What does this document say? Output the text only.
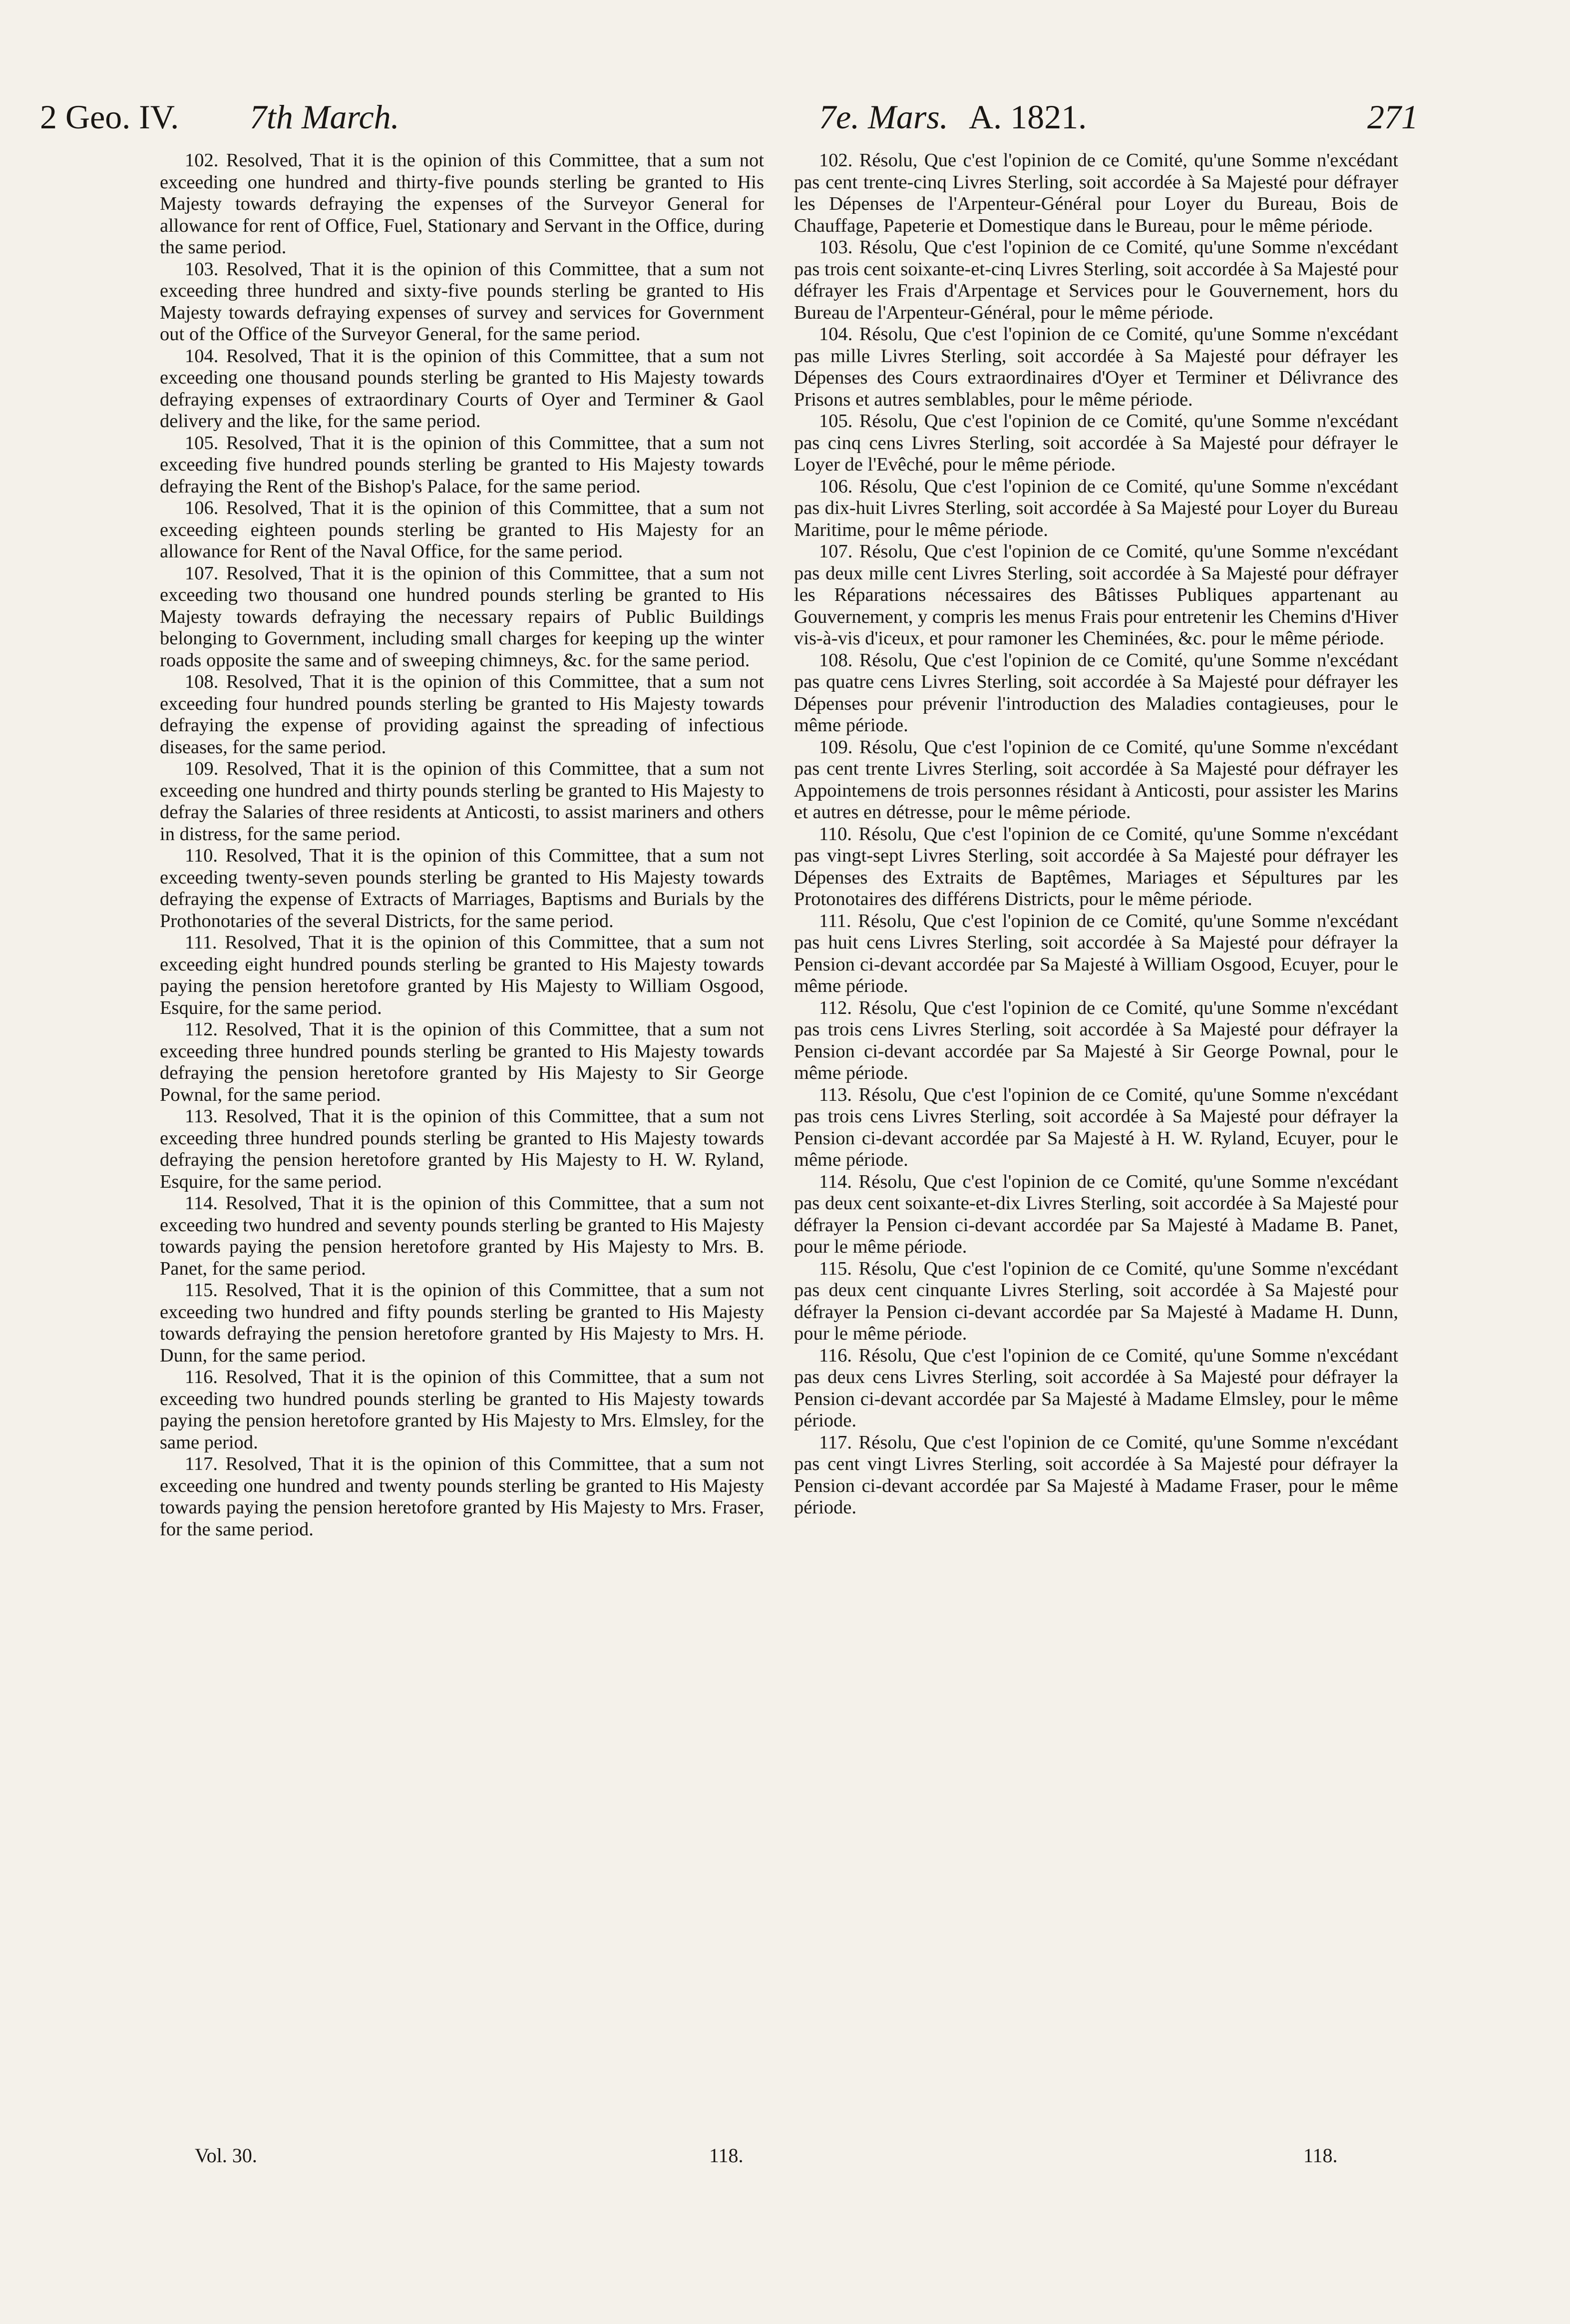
2 Geo. IV. 7th March.	7e. Mars. A. 1821.	271

102. Resolved, That it is the opinion of this Committee, that a sum not exceeding one hundred and thirty-five pounds sterling be granted to His Majesty towards defraying the expenses of the Surveyor General for allowance for rent of Office, Fuel, Stationary and Servant in the Office, during the same period.

103. Resolved, That it is the opinion of this Committee, that a sum not exceeding three hundred and sixty-five pounds sterling be granted to His Majesty towards defraying expenses of survey and services for Government out of the Office of the Surveyor General, for the same period.

104. Resolved, That it is the opinion of this Committee, that a sum not exceeding one thousand pounds sterling be granted to His Majesty towards defraying expenses of extraordinary Courts of Oyer and Terminer & Gaol delivery and the like, for the same period.

105. Resolved, That it is the opinion of this Committee, that a sum not exceeding five hundred pounds sterling be granted to His Majesty towards defraying the Rent of the Bishop's Palace, for the same period.

106. Resolved, That it is the opinion of this Committee, that a sum not exceeding eighteen pounds sterling be granted to His Majesty for an allowance for Rent of the Naval Office, for the same period.

107. Resolved, That it is the opinion of this Committee, that a sum not exceeding two thousand one hundred pounds sterling be granted to His Majesty towards defraying the necessary repairs of Public Buildings belonging to Government, including small charges for keeping up the winter roads opposite the same and of sweeping chimneys, &c. for the same period.

108. Resolved, That it is the opinion of this Committee, that a sum not exceeding four hundred pounds sterling be granted to His Majesty towards defraying the expense of providing against the spreading of infectious diseases, for the same period.

109. Resolved, That it is the opinion of this Committee, that a sum not exceeding one hundred and thirty pounds sterling be granted to His Majesty to defray the Salaries of three residents at Anticosti, to assist mariners and others in distress, for the same period.

110. Resolved, That it is the opinion of this Committee, that a sum not exceeding twenty-seven pounds sterling be granted to His Majesty towards defraying the expense of Extracts of Marriages, Baptisms and Burials by the Prothonotaries of the several Districts, for the same period.

111. Resolved, That it is the opinion of this Committee, that a sum not exceeding eight hundred pounds sterling be granted to His Majesty towards paying the pension heretofore granted by His Majesty to William Osgood, Esquire, for the same period.

112. Resolved, That it is the opinion of this Committee, that a sum not exceeding three hundred pounds sterling be granted to His Majesty towards defraying the pension heretofore granted by His Majesty to Sir George Pownal, for the same period.

113. Resolved, That it is the opinion of this Committee, that a sum not exceeding three hundred pounds sterling be granted to His Majesty towards defraying the pension heretofore granted by His Majesty to H. W. Ryland, Esquire, for the same period.

114. Resolved, That it is the opinion of this Committee, that a sum not exceeding two hundred and seventy pounds sterling be granted to His Majesty towards paying the pension heretofore granted by His Majesty to Mrs. B. Panet, for the same period.

115. Resolved, That it is the opinion of this Committee, that a sum not exceeding two hundred and fifty pounds sterling be granted to His Majesty towards defraying the pension heretofore granted by His Majesty to Mrs. H. Dunn, for the same period.

116. Resolved, That it is the opinion of this Committee, that a sum not exceeding two hundred pounds sterling be granted to His Majesty towards paying the pension heretofore granted by His Majesty to Mrs. Elmsley, for the same period.

117. Resolved, That it is the opinion of this Committee, that a sum not exceeding one hundred and twenty pounds sterling be granted to His Majesty towards paying the pension heretofore granted by His Majesty to Mrs. Fraser, for the same period.

102. Résolu, Que c'est l'opinion de ce Comité, qu'une Somme n'excédant pas cent trente-cinq Livres Sterling, soit accordée à Sa Majesté pour défrayer les Dépenses de l'Arpenteur-Général pour Loyer du Bureau, Bois de Chauffage, Papeterie et Domestique dans le Bureau, pour le même période.

103. Résolu, Que c'est l'opinion de ce Comité, qu'une Somme n'excédant pas trois cent soixante-et-cinq Livres Sterling, soit accordée à Sa Majesté pour défrayer les Frais d'Arpentage et Services pour le Gouvernement, hors du Bureau de l'Arpenteur-Général, pour le même période.

104. Résolu, Que c'est l'opinion de ce Comité, qu'une Somme n'excédant pas mille Livres Sterling, soit accordée à Sa Majesté pour défrayer les Dépenses des Cours extraordinaires d'Oyer et Terminer et Délivrance des Prisons et autres semblables, pour le même période.

105. Résolu, Que c'est l'opinion de ce Comité, qu'une Somme n'excédant pas cinq cens Livres Sterling, soit accordée à Sa Majesté pour défrayer le Loyer de l'Evêché, pour le même période.

106. Résolu, Que c'est l'opinion de ce Comité, qu'une Somme n'excédant pas dix-huit Livres Sterling, soit accordée à Sa Majesté pour Loyer du Bureau Maritime, pour le même période.

107. Résolu, Que c'est l'opinion de ce Comité, qu'une Somme n'excédant pas deux mille cent Livres Sterling, soit accordée à Sa Majesté pour défrayer les Réparations nécessaires des Bâtisses Publiques appartenant au Gouvernement, y compris les menus Frais pour entretenir les Chemins d'Hiver vis-à-vis d'iceux, et pour ramoner les Cheminées, &c. pour le même période.

108. Résolu, Que c'est l'opinion de ce Comité, qu'une Somme n'excédant pas quatre cens Livres Sterling, soit accordée à Sa Majesté pour défrayer les Dépenses pour prévenir l'introduction des Maladies contagieuses, pour le même période.

109. Résolu, Que c'est l'opinion de ce Comité, qu'une Somme n'excédant pas cent trente Livres Sterling, soit accordée à Sa Majesté pour défrayer les Appointemens de trois personnes résidant à Anticosti, pour assister les Marins et autres en détresse, pour le même période.

110. Résolu, Que c'est l'opinion de ce Comité, qu'une Somme n'excédant pas vingt-sept Livres Sterling, soit accordée à Sa Majesté pour défrayer les Dépenses des Extraits de Baptêmes, Mariages et Sépultures par les Protonotaires des différens Districts, pour le même période.

111. Résolu, Que c'est l'opinion de ce Comité, qu'une Somme n'excédant pas huit cens Livres Sterling, soit accordée à Sa Majesté pour défrayer la Pension ci-devant accordée par Sa Majesté à William Osgood, Ecuyer, pour le même période.

112. Résolu, Que c'est l'opinion de ce Comité, qu'une Somme n'excédant pas trois cens Livres Sterling, soit accordée à Sa Majesté pour défrayer la Pension ci-devant accordée par Sa Majesté à Sir George Pownal, pour le même période.

113. Résolu, Que c'est l'opinion de ce Comité, qu'une Somme n'excédant pas trois cens Livres Sterling, soit accordée à Sa Majesté pour défrayer la Pension ci-devant accordée par Sa Majesté à H. W. Ryland, Ecuyer, pour le même période.

114. Résolu, Que c'est l'opinion de ce Comité, qu'une Somme n'excédant pas deux cent soixante-et-dix Livres Sterling, soit accordée à Sa Majesté pour défrayer la Pension ci-devant accordée par Sa Majesté à Madame B. Panet, pour le même période.

115. Résolu, Que c'est l'opinion de ce Comité, qu'une Somme n'excédant pas deux cent cinquante Livres Sterling, soit accordée à Sa Majesté pour défrayer la Pension ci-devant accordée par Sa Majesté à Madame H. Dunn, pour le même période.

116. Résolu, Que c'est l'opinion de ce Comité, qu'une Somme n'excédant pas deux cens Livres Sterling, soit accordée à Sa Majesté pour défrayer la Pension ci-devant accordée par Sa Majesté à Madame Elmsley, pour le même période.

117. Résolu, Que c'est l'opinion de ce Comité, qu'une Somme n'excédant pas cent vingt Livres Sterling, soit accordée à Sa Majesté pour défrayer la Pension ci-devant accordée par Sa Majesté à Madame Fraser, pour le même période.

Vol. 30.	118.	118.
